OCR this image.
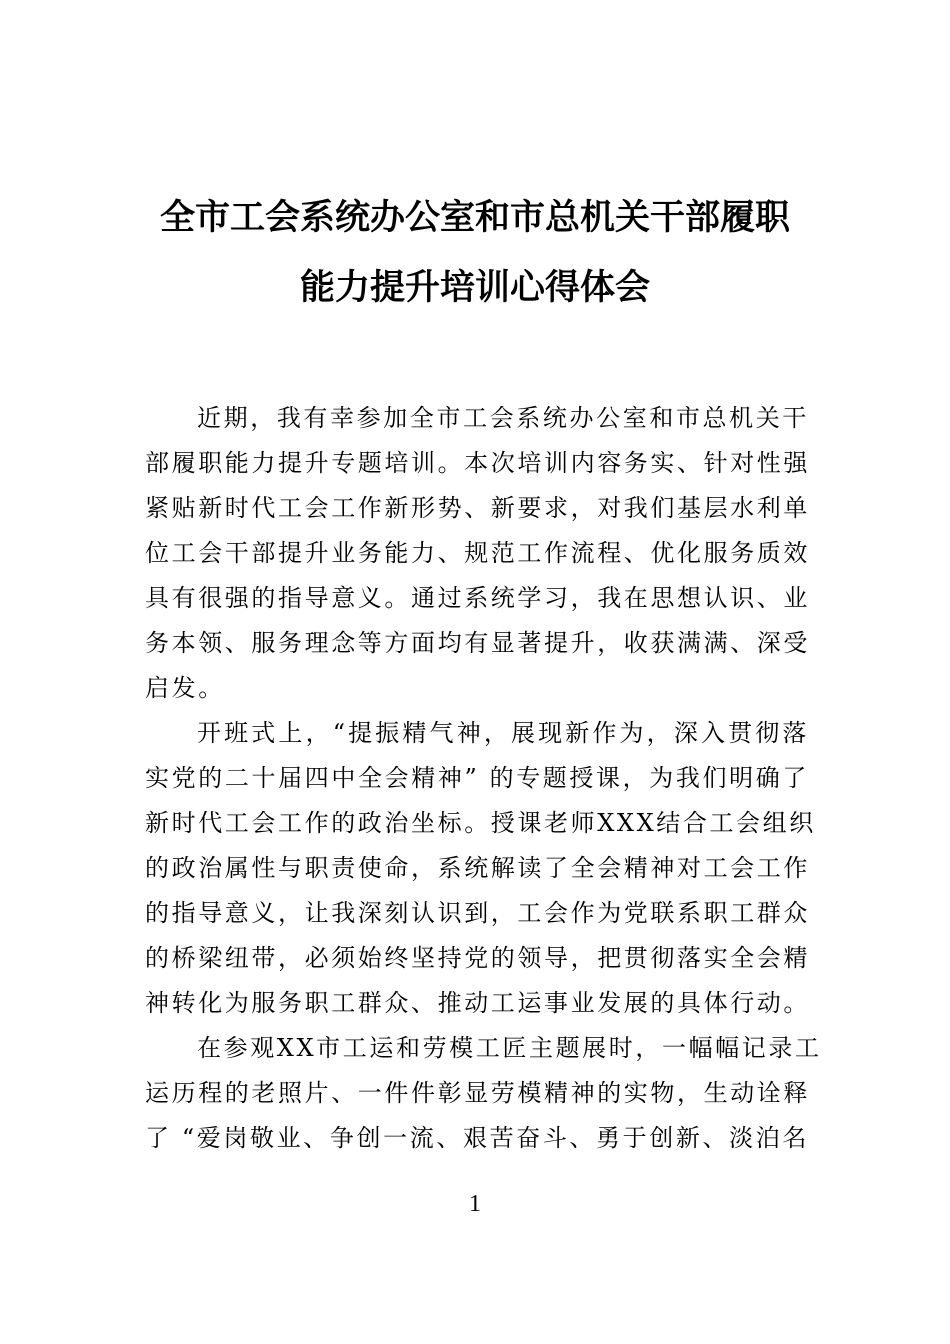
全市工会系统办公室和市总机关干部履职
能力提升培训心得体会
近期，我有幸参加全市工会系统办公室和市总机关干
部履职能力提升专题培训。本次培训内容务实、针对性强
紧贴新时代工会工作新形势、新要求，对我们基层水利单
位工会干部提升业务能力、规范工作流程、优化服务质效
具有很强的指导意义。通过系统学习，我在思想认识、业
务本领、服务理念等方面均有显著提升，收获满满、深受
启发。
开班式上，“提振精气神，展现新作为，深入贯彻落
实党的二十届四中全会精神” 的专题授课，为我们明确了
新时代工会工作的政治坐标。授课老师XXX结合工会组织
的政治属性与职责使命，系统解读了全会精神对工会工作
的指导意义，让我深刻认识到，工会作为党联系职工群众
的桥梁纽带，必须始终坚持党的领导，把贯彻落实全会精
神转化为服务职工群众、推动工运事业发展的具体行动。
在参观XX市工运和劳模工匠主题展时，一幅幅记录工
运历程的老照片、一件件彰显劳模精神的实物，生动诠释
了 “爱岗敬业、争创一流、艰苦奋斗、勇于创新、淡泊名
1
